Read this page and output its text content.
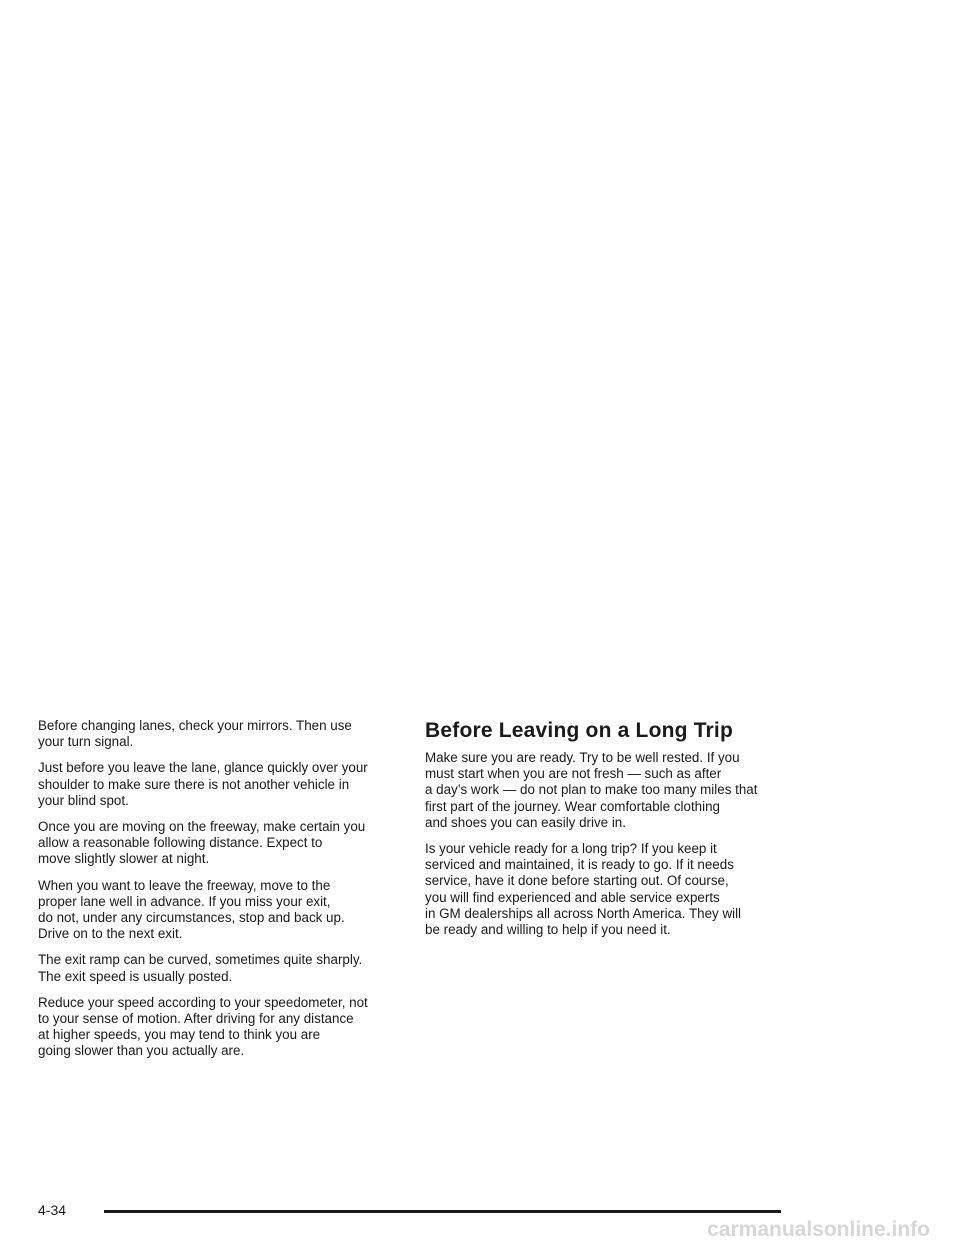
Before changing lanes, check your mirrors. Then use
your turn signal.

Just before you leave the lane, glance quickly over your
shoulder to make sure there is not another vehicle in
your blind spot.

Once you are moving on the freeway, make certain you
allow a reasonable following distance. Expect to
move slightly slower at night.

When you want to leave the freeway, move to the
proper lane well in advance. If you miss your exit,
do not, under any circumstances, stop and back up.
Drive on to the next exit.

The exit ramp can be curved, sometimes quite sharply.
The exit speed is usually posted.

Reduce your speed according to your speedometer, not
to your sense of motion. After driving for any distance
at higher speeds, you may tend to think you are
going slower than you actually are.

Before Leaving on a Long Trip

Make sure you are ready. Try to be well rested. If you
must start when you are not fresh — such as after
a day’s work — do not plan to make too many miles that
first part of the journey. Wear comfortable clothing
and shoes you can easily drive in.

Is your vehicle ready for a long trip? If you keep it
serviced and maintained, it is ready to go. If it needs
service, have it done before starting out. Of course,
you will find experienced and able service experts
in GM dealerships all across North America. They will
be ready and willing to help if you need it.

4-34
carmanualsonline.info
